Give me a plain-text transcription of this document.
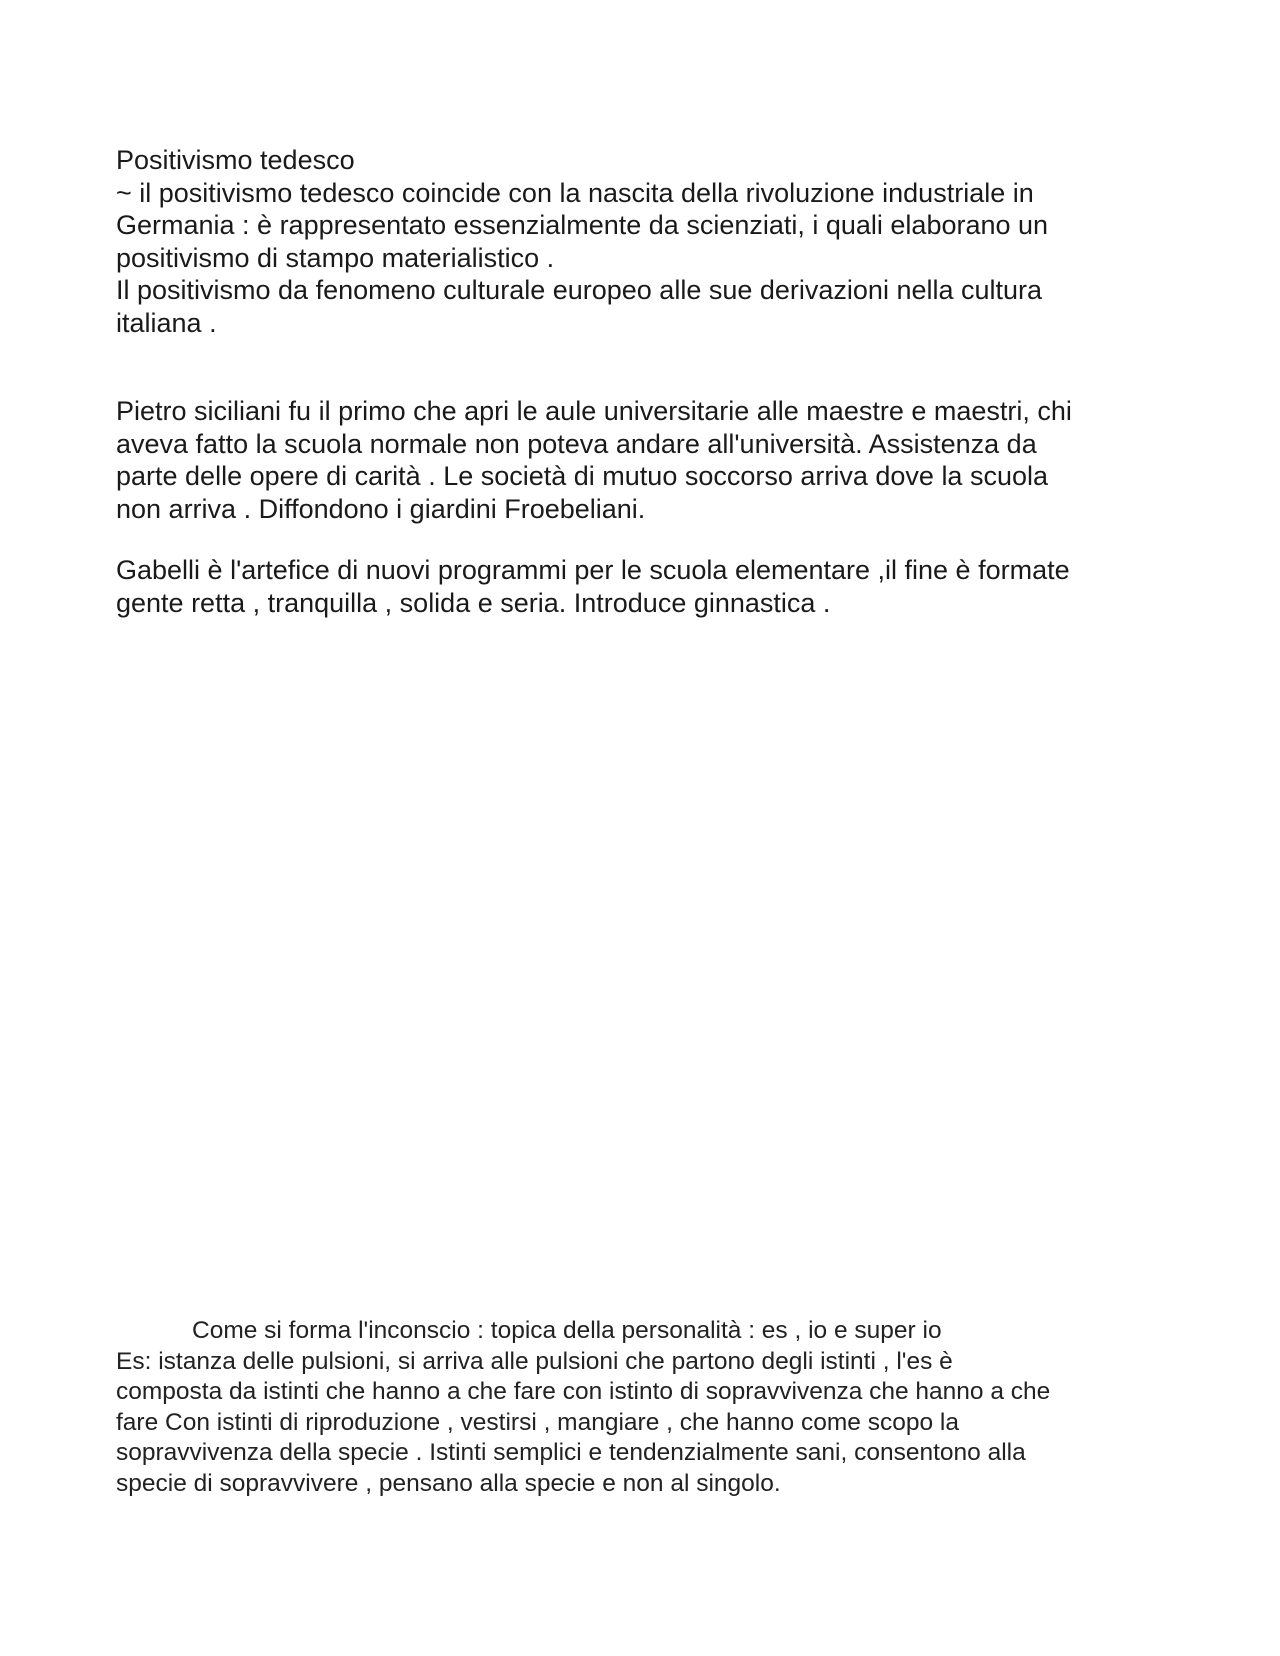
Positivismo tedesco

~ il positivismo tedesco coincide con la nascita della rivoluzione industriale in

Germania : è rappresentato essenzialmente da scienziati, i quali elaborano un

positivismo di stampo materialistico .

Il positivismo da fenomeno culturale europeo alle sue derivazioni nella cultura

italiana .

Pietro siciliani fu il primo che apri le aule universitarie alle maestre e maestri, chi

aveva fatto la scuola normale non poteva andare all'università. Assistenza da

parte delle opere di carità . Le società di mutuo soccorso arriva dove la scuola

non arriva . Diffondono i giardini Froebeliani.

Gabelli è l'artefice di nuovi programmi per le scuola elementare ,il fine è formate

gente retta , tranquilla , solida e seria. Introduce ginnastica .

Come si forma l'inconscio : topica della personalità : es , io e super io

Es: istanza delle pulsioni, si arriva alle pulsioni che partono degli istinti , l'es è

composta da istinti che hanno a che fare con istinto di sopravvivenza che hanno a che

fare Con istinti di riproduzione , vestirsi , mangiare , che hanno come scopo la

sopravvivenza della specie . Istinti semplici e tendenzialmente sani, consentono alla

specie di sopravvivere , pensano alla specie e non al singolo.
